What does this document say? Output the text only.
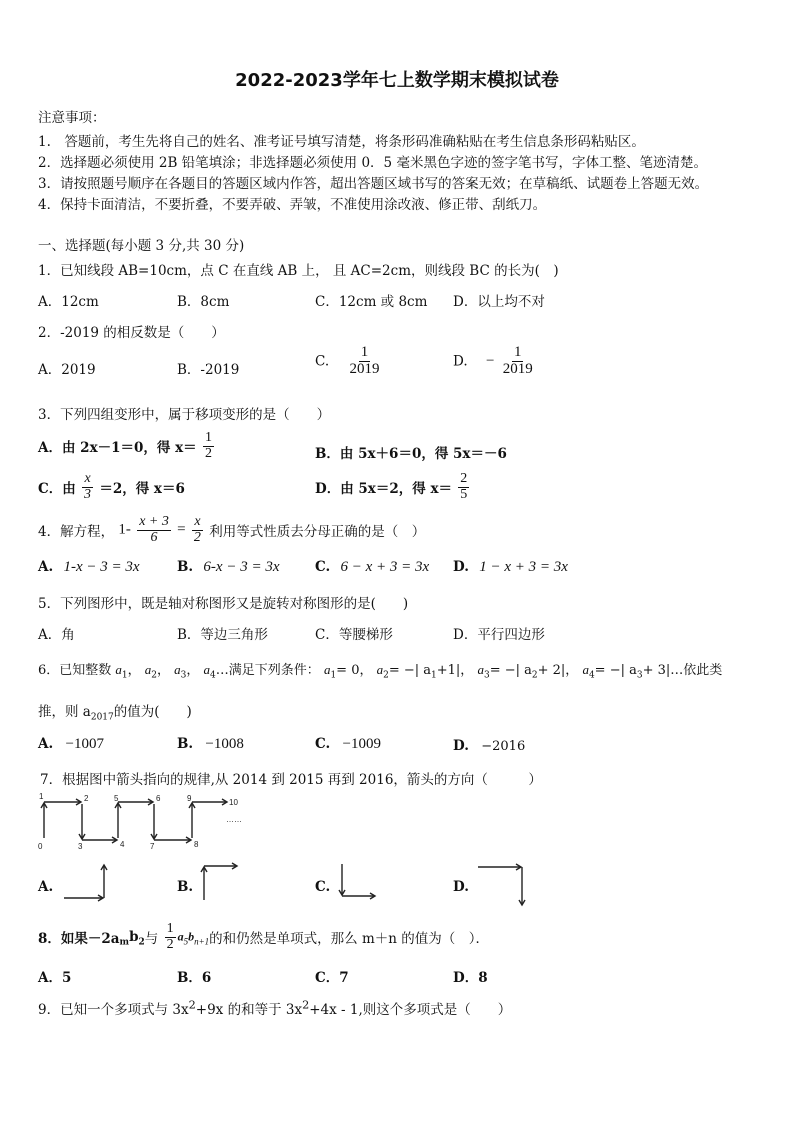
2022-2023学年七上数学期末模拟试卷
注意事项：
1.　答题前，考生先将自己的姓名、准考证号填写清楚，将条形码准确粘贴在考生信息条形码粘贴区。
2．选择题必须使用 2B 铅笔填涂；非选择题必须使用 0．5 毫米黑色字迹的签字笔书写，字体工整、笔迹清楚。
3．请按照题号顺序在各题目的答题区域内作答，超出答题区域书写的答案无效；在草稿纸、试题卷上答题无效。
4．保持卡面清洁，不要折叠，不要弄破、弄皱，不准使用涂改液、修正带、刮纸刀。
一、选择题(每小题 3 分,共 30 分)
1．已知线段 AB=10cm，点 C 在直线 AB 上， 且 AC=2cm，则线段 BC 的长为(　)
A．12cm	B．8cm	C．12cm 或 8cm D．以上均不对
2．-2019 的相反数是（　　）
A．2019	B．-2019
C. $\frac{1}{2019}$	D. − $\frac{1}{2019}$
3．下列四组变形中，属于移项变形的是（　　）
A．由 2x－1＝0，得 $x= \frac{1}{2}$	B．由 5x＋6＝0，得 5x＝－6
C．由 $\frac{x}{3} =2$，得 x＝6	D．由 5x＝2，得 $x= \frac{2}{5}$
4．解方程， $1- \frac{x + 3}{6} = \frac{x}{2}$ 利用等式性质去分母正确的是（　）
A. 1-x − 3 = 3x	B. 6-x − 3 = 3x	C. 6 − x + 3 = 3x D. 1 − x + 3 = 3x
5．下列图形中，既是轴对称图形又是旋转对称图形的是(　　)
A．角	B．等边三角形	C．等腰梯形	D．平行四边形
6．已知整数 $a_1$， $a_2$， $a_3$， $a_4\dots$满足下列条件： $a_1= 0$， $a_2=$ −| $a_1+1|$， $a_3=$ −| $a_2+ 2|$， $a_4=$ −| $a_3+$ 3|…依此类
推，则 $a_{2017}$的值为(　　)
A. −1007	B. −1008	C. −1009	D. −2016
7．根据图中箭头指向的规律,从 2014 到 2015 再到 2016，箭头的方向（　　　）
1	2	5	6	9	10
0	3	4	7	8
……
A.	B.	C.	D.
8．如果$-2a_mb_2$与 $\frac{1}{2} a_5b_{n+1}$的和仍然是单项式，那么 m＋n 的值为（　）．
A．5	B．6	C．7	D．8
9．已知一个多项式与 $3x^2+9x$ 的和等于 $3x^2+4x - 1$,则这个多项式是（　　）
